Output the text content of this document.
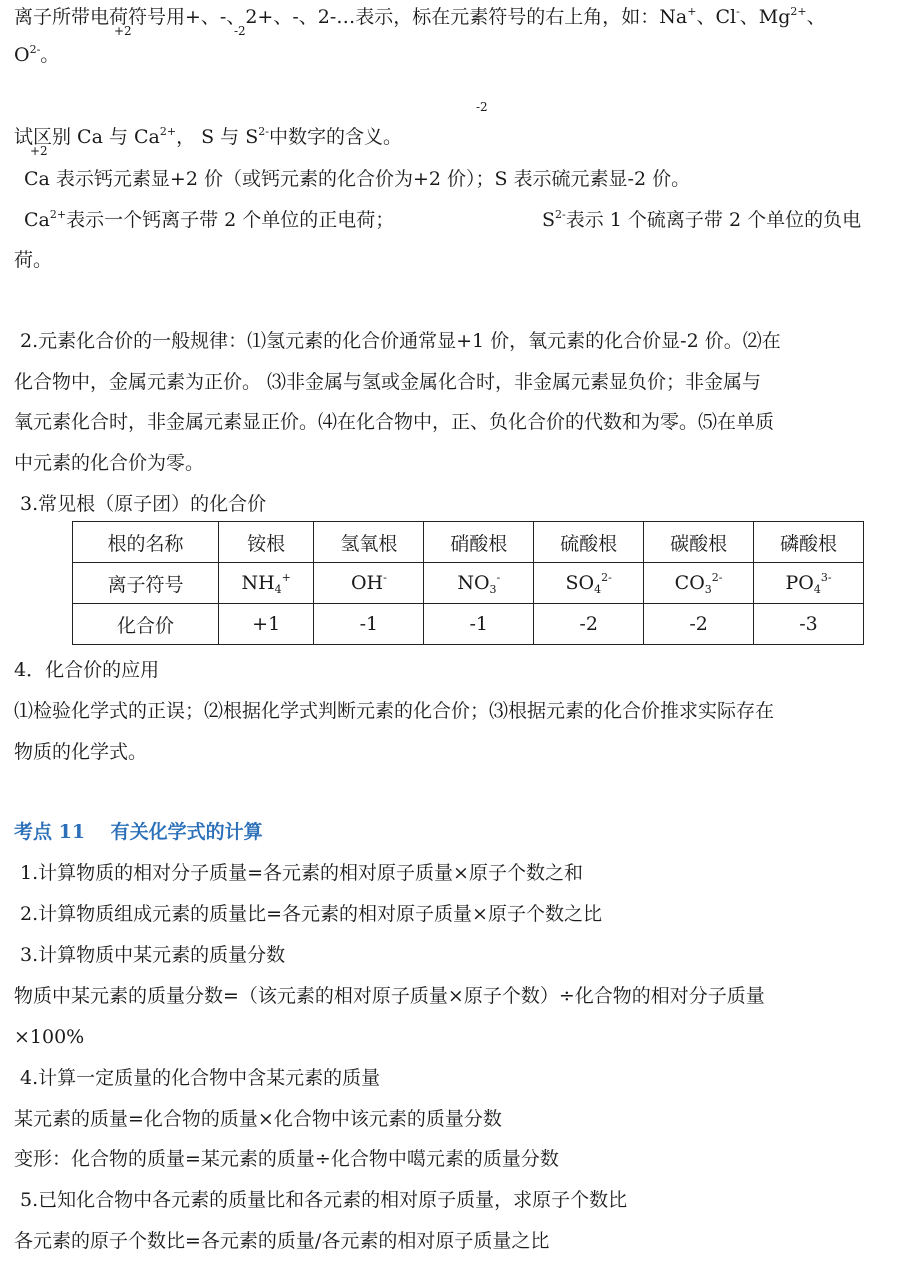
离子所带电荷符号用+、-、2+、-、2-…表示，标在元素符号的右上角，如：Na+、Cl-、$Mg^{2+}$、
+2	-2
$O^{2-}$。
-2
试区别 Ca 与 $Ca^{2+}$， S 与 $S^{2-}$中数字的含义。
+2
Ca 表示钙元素显+2 价（或钙元素的化合价为+2 价）；S 表示硫元素显-2 价。
$Ca^{2+}$表示一个钙离子带 2 个单位的正电荷；	$S^{2-}$表示 1 个硫离子带 2 个单位的负电
荷。
2.元素化合价的一般规律：⑴氢元素的化合价通常显+1 价，氧元素的化合价显-2 价。⑵在
化合物中，金属元素为正价。 ⑶非金属与氢或金属化合时，非金属元素显负价；非金属与
氧元素化合时，非金属元素显正价。⑷在化合物中，正、负化合价的代数和为零。⑸在单质
中元素的化合价为零。
3.常见根（原子团）的化合价
根的名称	铵根	氢氧根	硝酸根	硫酸根	碳酸根	磷酸根
离子符号	$NH_4^+$	OH-	$NO_3^-$	$SO_4^{2-}$	$CO_3^{2-}$	$PO_4^{3-}$
化合价	+1	-1	-1	-2	-2	-3
4．化合价的应用
⑴检验化学式的正误；⑵根据化学式判断元素的化合价；⑶根据元素的化合价推求实际存在
物质的化学式。
考点 11　 有关化学式的计算
1.计算物质的相对分子质量=各元素的相对原子质量×原子个数之和
2.计算物质组成元素的质量比=各元素的相对原子质量×原子个数之比
3.计算物质中某元素的质量分数
物质中某元素的质量分数=（该元素的相对原子质量×原子个数）÷化合物的相对分子质量
×100%
4.计算一定质量的化合物中含某元素的质量
某元素的质量=化合物的质量×化合物中该元素的质量分数
变形：化合物的质量=某元素的质量÷化合物中噶元素的质量分数
5.已知化合物中各元素的质量比和各元素的相对原子质量，求原子个数比
各元素的原子个数比=各元素的质量/各元素的相对原子质量之比
